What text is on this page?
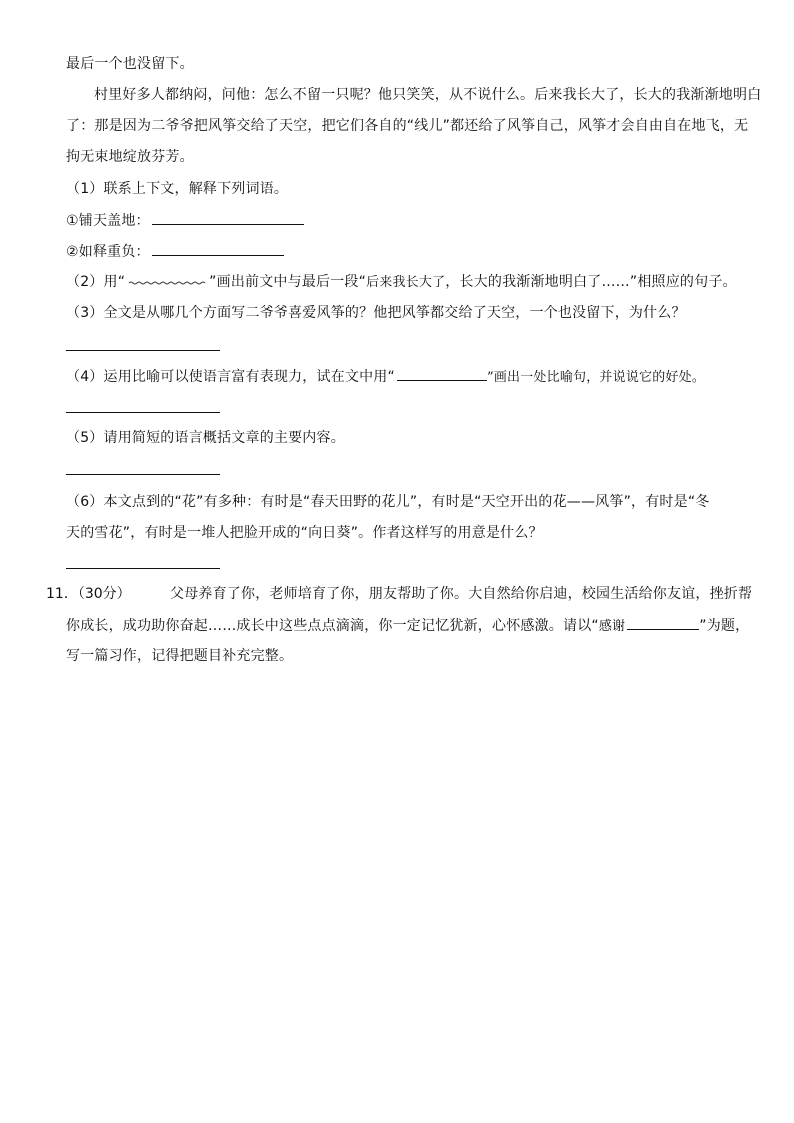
最后一个也没留下。
村里好多人都纳闷，问他：怎么不留一只呢？他只笑笑，从不说什么。后来我长大了，长大的我渐渐地明白
了：那是因为二爷爷把风筝交给了天空，把它们各自的“线儿”都还给了风筝自己，风筝才会自由自在地飞，无
拘无束地绽放芬芳。
（1）联系上下文，解释下列词语。
①铺天盖地：
②如释重负：
（2）用“	”画出前文中与最后一段“后来我长大了，长大的我渐渐地明白了……”相照应的句子。
（3）全文是从哪几个方面写二爷爷喜爱风筝的？他把风筝都交给了天空，一个也没留下，为什么？
（4）运用比喻可以使语言富有表现力，试在文中用“	”画出一处比喻句，并说说它的好处。
（5）请用简短的语言概括文章的主要内容。
（6）本文点到的“花”有多种：有时是“春天田野的花儿”，有时是“天空开出的花——风筝”，有时是“冬
天的雪花”，有时是一堆人把脸开成的“向日葵”。作者这样写的用意是什么？
11．（30分）	父母养育了你，老师培育了你，朋友帮助了你。大自然给你启迪，校园生活给你友谊，挫折帮
你成长，成功助你奋起……成长中这些点点滴滴，你一定记忆犹新，心怀感激。请以“感谢	”为题，
写一篇习作，记得把题目补充完整。
